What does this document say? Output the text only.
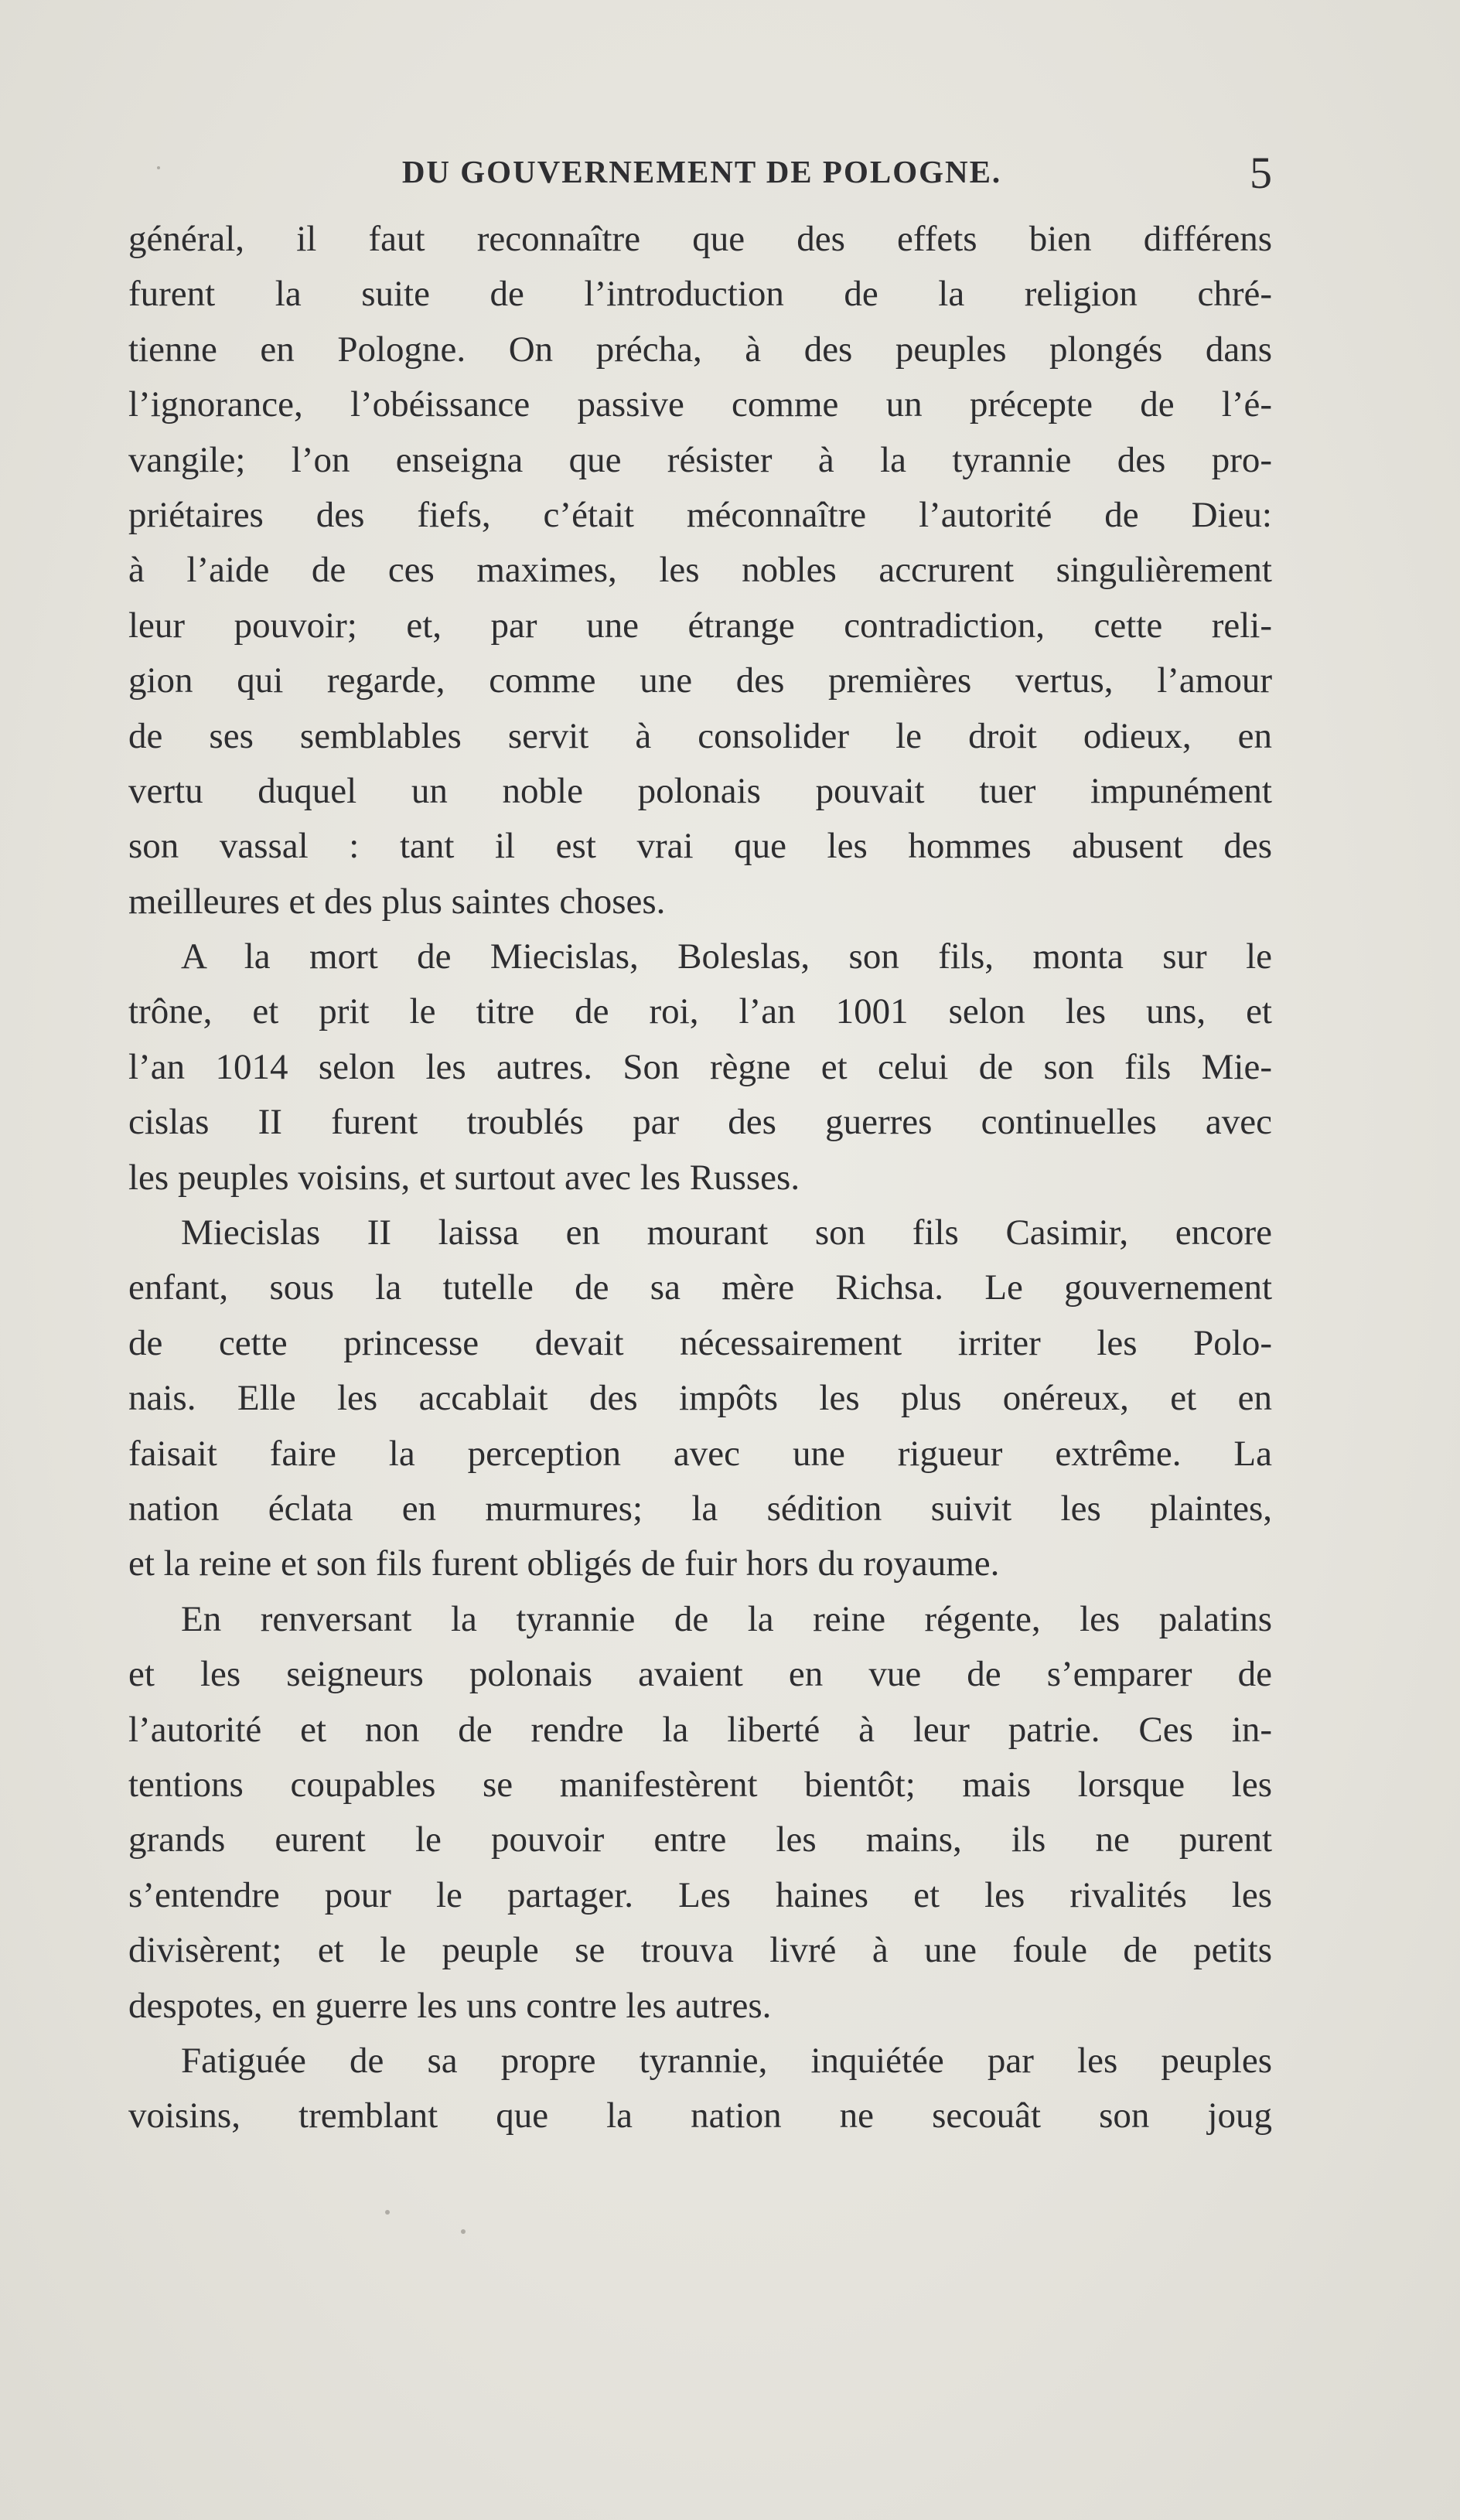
DU GOUVERNEMENT DE POLOGNE.	5
général, il faut reconnaître que des effets bien différens
furent la suite de l’introduction de la religion chré-
tienne en Pologne. On précha, à des peuples plongés dans
l’ignorance, l’obéissance passive comme un précepte de l’é-
vangile; l’on enseigna que résister à la tyrannie des pro-
priétaires des fiefs, c’était méconnaître l’autorité de Dieu:
à l’aide de ces maximes, les nobles accrurent singulièrement
leur pouvoir; et, par une étrange contradiction, cette reli-
gion qui regarde, comme une des premières vertus, l’amour
de ses semblables servit à consolider le droit odieux, en
vertu duquel un noble polonais pouvait tuer impunément
son vassal : tant il est vrai que les hommes abusent des
meilleures et des plus saintes choses.
A la mort de Miecislas, Boleslas, son fils, monta sur le
trône, et prit le titre de roi, l’an 1001 selon les uns, et
l’an 1014 selon les autres. Son règne et celui de son fils Mie-
cislas II furent troublés par des guerres continuelles avec
les peuples voisins, et surtout avec les Russes.
Miecislas II laissa en mourant son fils Casimir, encore
enfant, sous la tutelle de sa mère Richsa. Le gouvernement
de cette princesse devait nécessairement irriter les Polo-
nais. Elle les accablait des impôts les plus onéreux, et en
faisait faire la perception avec une rigueur extrême. La
nation éclata en murmures; la sédition suivit les plaintes,
et la reine et son fils furent obligés de fuir hors du royaume.
En renversant la tyrannie de la reine régente, les palatins
et les seigneurs polonais avaient en vue de s’emparer de
l’autorité et non de rendre la liberté à leur patrie. Ces in-
tentions coupables se manifestèrent bientôt; mais lorsque les
grands eurent le pouvoir entre les mains, ils ne purent
s’entendre pour le partager. Les haines et les rivalités les
divisèrent; et le peuple se trouva livré à une foule de petits
despotes, en guerre les uns contre les autres.
Fatiguée de sa propre tyrannie, inquiétée par les peuples
voisins, tremblant que la nation ne secouât son joug
